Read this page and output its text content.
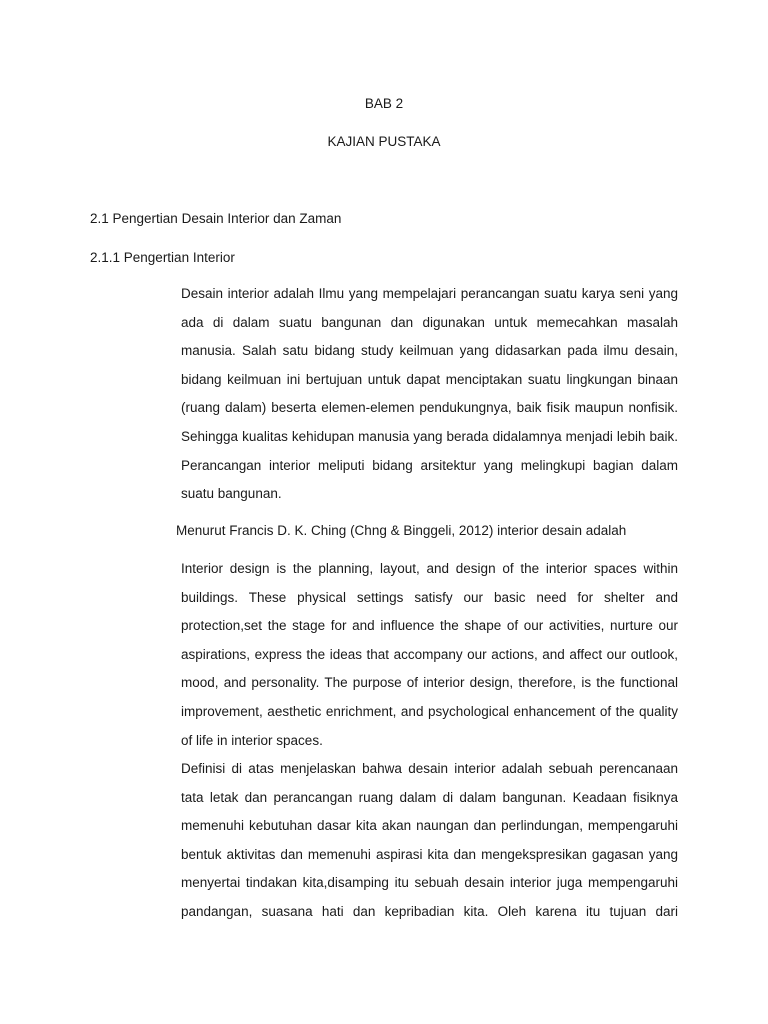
BAB 2
KAJIAN PUSTAKA
2.1 Pengertian Desain Interior dan Zaman
2.1.1 Pengertian Interior
Desain interior adalah Ilmu yang mempelajari perancangan suatu karya seni yang ada di dalam suatu bangunan dan digunakan untuk memecahkan masalah manusia. Salah satu bidang study keilmuan yang didasarkan pada ilmu desain, bidang keilmuan ini bertujuan untuk dapat menciptakan suatu lingkungan binaan (ruang dalam) beserta elemen-elemen pendukungnya, baik fisik maupun nonfisik. Sehingga kualitas kehidupan manusia yang berada didalamnya menjadi lebih baik. Perancangan interior meliputi bidang arsitektur yang melingkupi bagian dalam suatu bangunan.
Menurut Francis D. K. Ching (Chng & Binggeli, 2012) interior desain adalah
Interior design is the planning, layout, and design of the interior spaces within buildings. These physical settings satisfy our basic need for shelter and protection,set the stage for and influence the shape of our activities, nurture our aspirations, express the ideas that accompany our actions, and affect our outlook, mood, and personality. The purpose of interior design, therefore, is the functional improvement, aesthetic enrichment, and psychological enhancement of the quality of life in interior spaces.
Definisi di atas menjelaskan bahwa desain interior adalah sebuah perencanaan tata letak dan perancangan ruang dalam di dalam bangunan. Keadaan fisiknya memenuhi kebutuhan dasar kita akan naungan dan perlindungan, mempengaruhi bentuk aktivitas dan memenuhi aspirasi kita dan mengekspresikan gagasan yang menyertai tindakan kita,disamping itu sebuah desain interior juga mempengaruhi pandangan, suasana hati dan kepribadian kita. Oleh karena itu tujuan dari
